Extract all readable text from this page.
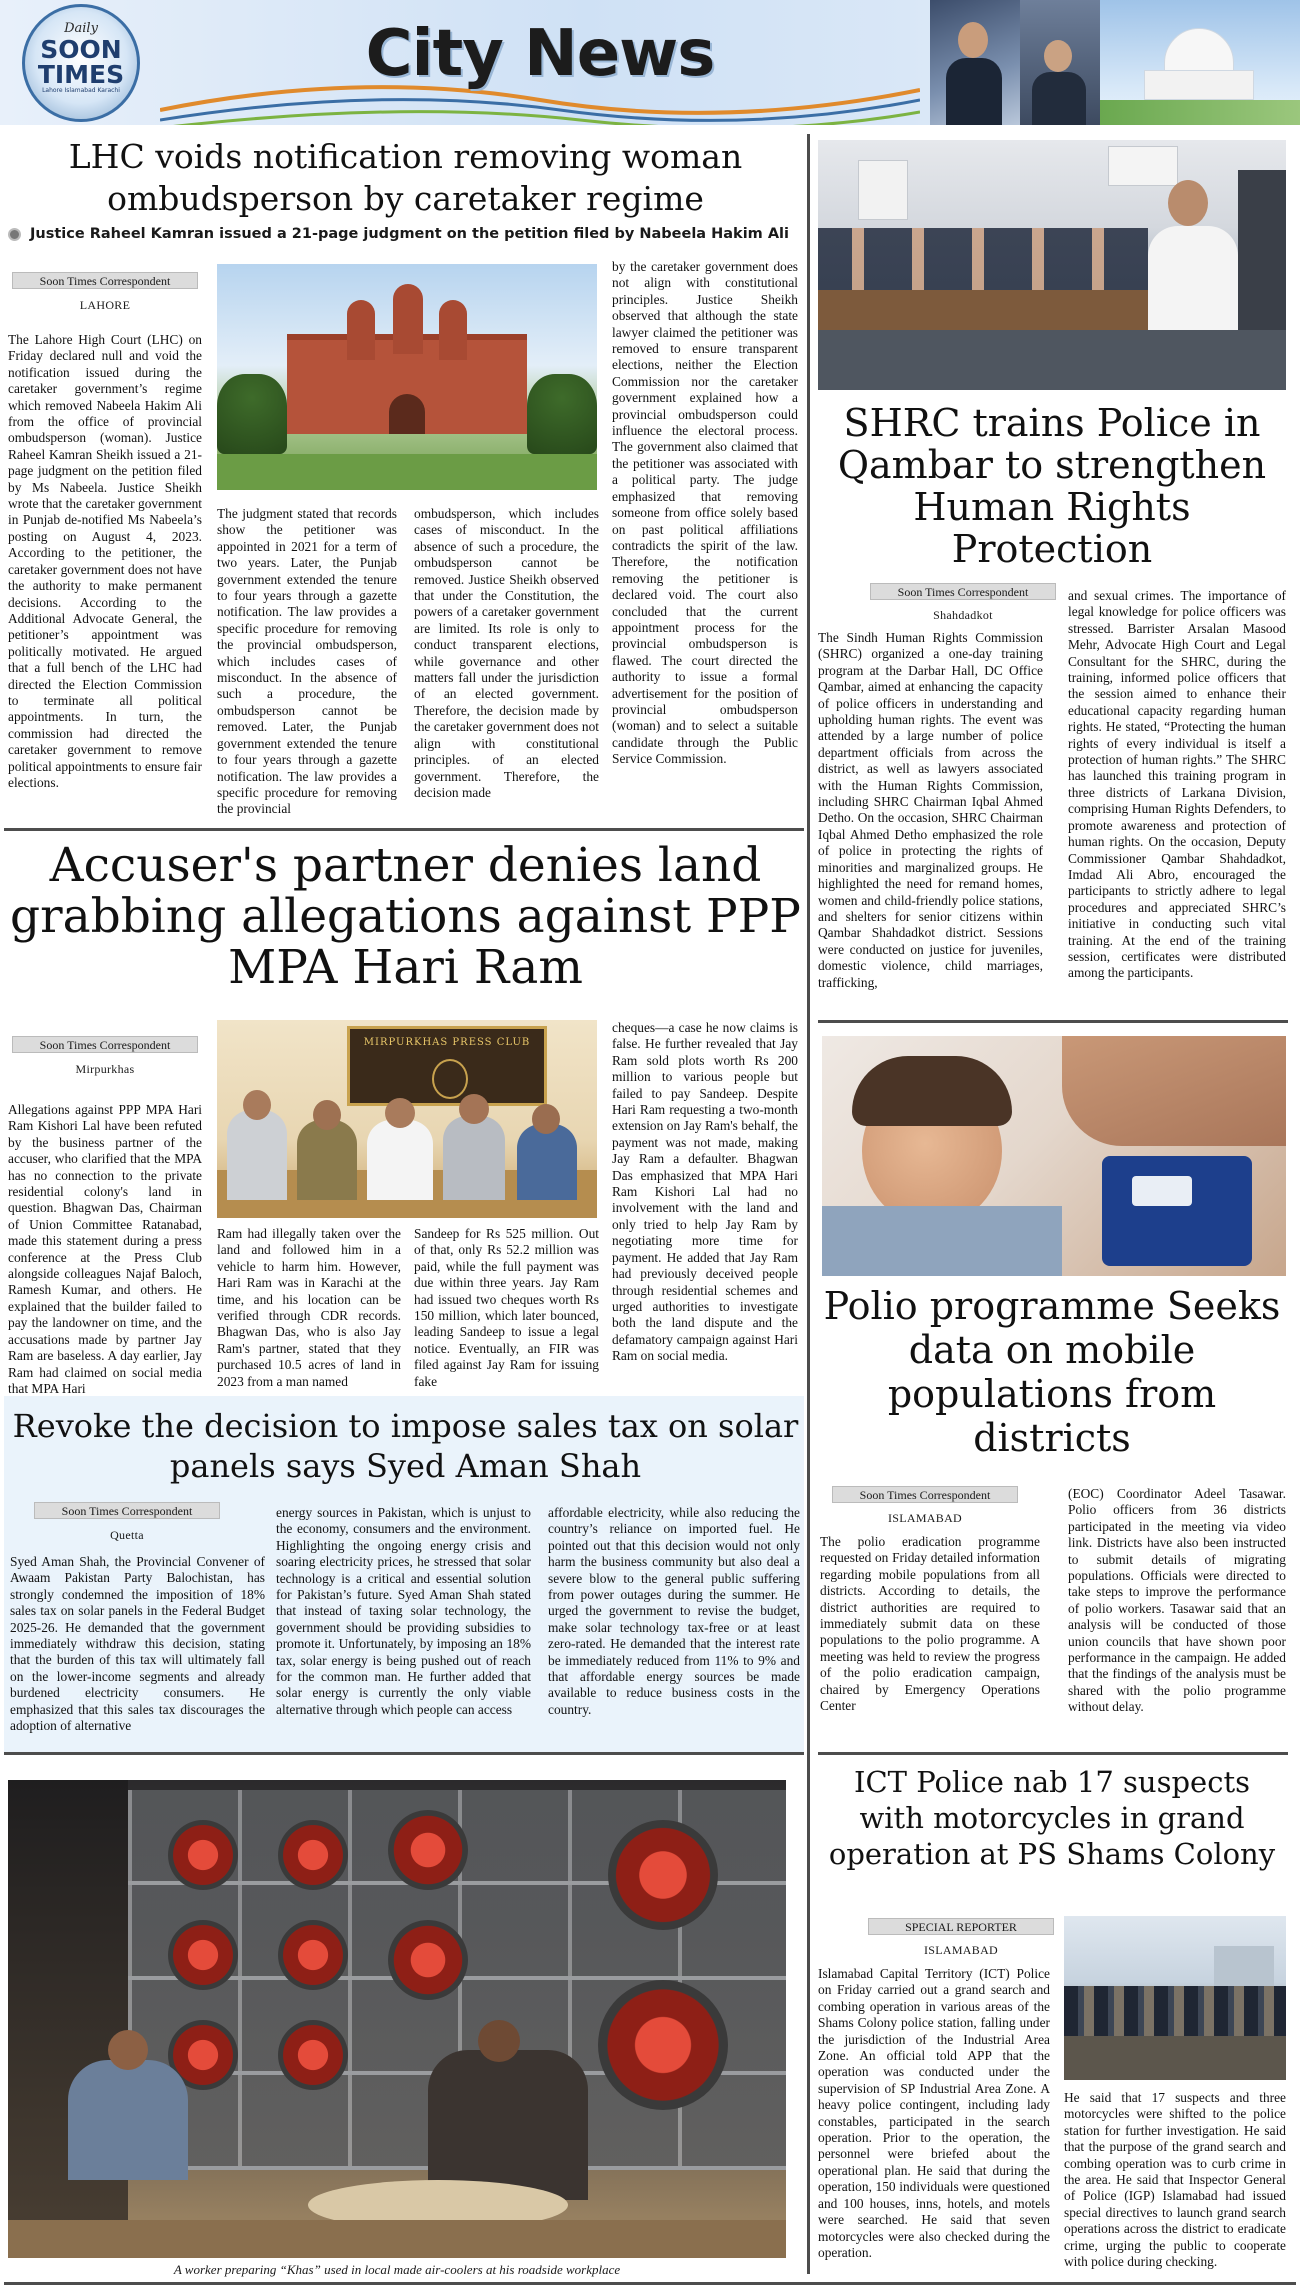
Daily
SOON
TIMES
Lahore Islamabad Karachi	City News
LHC voids notification removing woman ombudsperson by caretaker regime
Justice Raheel Kamran issued a 21-page judgment on the petition filed by Nabeela Hakim Ali
Soon Times Correspondent
LAHORE
The Lahore High Court (LHC) on Friday declared null and void the notification issued during the caretaker government’s regime which removed Nabeela Hakim Ali from the office of provincial ombudsperson (woman). Justice Raheel Kamran Sheikh issued a 21-page judgment on the petition filed by Ms Nabeela. Justice Sheikh wrote that the caretaker government in Punjab de-notified Ms Nabeela’s posting on August 4, 2023. According to the petitioner, the caretaker government does not have the authority to make permanent decisions. According to the Additional Advocate General, the petitioner’s appointment was politically motivated. He argued that a full bench of the LHC had directed the Election Commission to terminate all political appointments. In turn, the commission had directed the caretaker government to remove political appointments to ensure fair elections.
The judgment stated that records show the petitioner was appointed in 2021 for a term of two years. Later, the Punjab government extended the tenure to four years through a gazette notification. The law provides a specific procedure for removing the provincial ombudsperson, which includes cases of misconduct. In the absence of such a procedure, the ombudsperson cannot be removed. Later, the Punjab government extended the tenure to four years through a gazette notification. The law provides a specific procedure for removing the provincial
ombudsperson, which includes cases of misconduct. In the absence of such a procedure, the ombudsperson cannot be removed. Justice Sheikh observed that under the Constitution, the powers of a caretaker government are limited. Its role is only to conduct transparent elections, while governance and other matters fall under the jurisdiction of an elected government. Therefore, the decision made by the caretaker government does not align with constitutional principles. of an elected government. Therefore, the decision made
by the caretaker government does not align with constitutional principles. Justice Sheikh observed that although the state lawyer claimed the petitioner was removed to ensure transparent elections, neither the Election Commission nor the caretaker government explained how a provincial ombudsperson could influence the electoral process. The government also claimed that the petitioner was associated with a political party. The judge emphasized that removing someone from office solely based on past political affiliations contradicts the spirit of the law. Therefore, the notification removing the petitioner is declared void. The court also concluded that the current appointment process for the provincial ombudsperson is flawed. The court directed the authority to issue a formal advertisement for the position of provincial ombudsperson (woman) and to select a suitable candidate through the Public Service Commission.
SHRC trains Police in Qambar to strengthen Human Rights Protection
Soon Times Correspondent
Shahdadkot
The Sindh Human Rights Commission (SHRC) organized a one-day training program at the Darbar Hall, DC Office Qambar, aimed at enhancing the capacity of police officers in understanding and upholding human rights. The event was attended by a large number of police department officials from across the district, as well as lawyers associated with the Human Rights Commission, including SHRC Chairman Iqbal Ahmed Detho. On the occasion, SHRC Chairman Iqbal Ahmed Detho emphasized the role of police in protecting the rights of minorities and marginalized groups. He highlighted the need for remand homes, women and child-friendly police stations, and shelters for senior citizens within Qambar Shahdadkot district. Sessions were conducted on justice for juveniles, domestic violence, child marriages, trafficking,
and sexual crimes. The importance of legal knowledge for police officers was stressed. Barrister Arsalan Masood Mehr, Advocate High Court and Legal Consultant for the SHRC, during the training, informed police officers that the session aimed to enhance their educational capacity regarding human rights. He stated, “Protecting the human rights of every individual is itself a protection of human rights.” The SHRC has launched this training program in three districts of Larkana Division, comprising Human Rights Defenders, to promote awareness and protection of human rights. On the occasion, Deputy Commissioner Qambar Shahdadkot, Imdad Ali Abro, encouraged the participants to strictly adhere to legal procedures and appreciated SHRC’s initiative in conducting such vital training. At the end of the training session, certificates were distributed among the participants.
Accuser's partner denies land grabbing allegations against PPP MPA Hari Ram
Soon Times Correspondent
Mirpurkhas
Allegations against PPP MPA Hari Ram Kishori Lal have been refuted by the business partner of the accuser, who clarified that the MPA has no connection to the private residential colony's land in question. Bhagwan Das, Chairman of Union Committee Ratanabad, made this statement during a press conference at the Press Club alongside colleagues Najaf Baloch, Ramesh Kumar, and others. He explained that the builder failed to pay the landowner on time, and the accusations made by partner Jay Ram are baseless. A day earlier, Jay Ram had claimed on social media that MPA Hari
MIRPURKHAS PRESS CLUB
Ram had illegally taken over the land and followed him in a vehicle to harm him. However, Hari Ram was in Karachi at the time, and his location can be verified through CDR records. Bhagwan Das, who is also Jay Ram's partner, stated that they purchased 10.5 acres of land in 2023 from a man named
Sandeep for Rs 525 million. Out of that, only Rs 52.2 million was paid, while the full payment was due within three years. Jay Ram had issued two cheques worth Rs 150 million, which later bounced, leading Sandeep to issue a legal notice. Eventually, an FIR was filed against Jay Ram for issuing fake
cheques—a case he now claims is false. He further revealed that Jay Ram sold plots worth Rs 200 million to various people but failed to pay Sandeep. Despite Hari Ram requesting a two-month extension on Jay Ram's behalf, the payment was not made, making Jay Ram a defaulter. Bhagwan Das emphasized that MPA Hari Ram Kishori Lal had no involvement with the land and only tried to help Jay Ram by negotiating more time for payment. He added that Jay Ram had previously deceived people through residential schemes and urged authorities to investigate both the land dispute and the defamatory campaign against Hari Ram on social media.
Polio programme Seeks data on mobile populations from districts
Soon Times Correspondent
ISLAMABAD
The polio eradication programme requested on Friday detailed information regarding mobile populations from all districts. According to details, the district authorities are required to immediately submit data on these populations to the polio programme. A meeting was held to review the progress of the polio eradication campaign, chaired by Emergency Operations Center
(EOC) Coordinator Adeel Tasawar. Polio officers from 36 districts participated in the meeting via video link. Districts have also been instructed to submit details of migrating populations. Officials were directed to take steps to improve the performance of polio workers. Tasawar said that an analysis will be conducted of those union councils that have shown poor performance in the campaign. He added that the findings of the analysis must be shared with the polio programme without delay.
Revoke the decision to impose sales tax on solar panels says Syed Aman Shah
Soon Times Correspondent
Quetta
Syed Aman Shah, the Provincial Convener of Awaam Pakistan Party Balochistan, has strongly condemned the imposition of 18% sales tax on solar panels in the Federal Budget 2025-26. He demanded that the government immediately withdraw this decision, stating that the burden of this tax will ultimately fall on the lower-income segments and already burdened electricity consumers. He emphasized that this sales tax discourages the adoption of alternative
energy sources in Pakistan, which is unjust to the economy, consumers and the environment. Highlighting the ongoing energy crisis and soaring electricity prices, he stressed that solar technology is a critical and essential solution for Pakistan’s future. Syed Aman Shah stated that instead of taxing solar technology, the government should be providing subsidies to promote it. Unfortunately, by imposing an 18% tax, solar energy is being pushed out of reach for the common man. He further added that solar energy is currently the only viable alternative through which people can access
affordable electricity, while also reducing the country’s reliance on imported fuel. He pointed out that this decision would not only harm the business community but also deal a severe blow to the general public suffering from power outages during the summer. He urged the government to revise the budget, make solar technology tax-free or at least zero-rated. He demanded that the interest rate be immediately reduced from 11% to 9% and that affordable energy sources be made available to reduce business costs in the country.
A worker preparing “Khas” used in local made air-coolers at his roadside workplace
ICT Police nab 17 suspects with motorcycles in grand operation at PS Shams Colony
SPECIAL REPORTER
ISLAMABAD
Islamabad Capital Territory (ICT) Police on Friday carried out a grand search and combing operation in various areas of the Shams Colony police station, falling under the jurisdiction of the Industrial Area Zone. An official told APP that the operation was conducted under the supervision of SP Industrial Area Zone. A heavy police contingent, including lady constables, participated in the search operation. Prior to the operation, the personnel were briefed about the operational plan. He said that during the operation, 150 individuals were questioned and 100 houses, inns, hotels, and motels were searched. He said that seven motorcycles were also checked during the operation.
He said that 17 suspects and three motorcycles were shifted to the police station for further investigation. He said that the purpose of the grand search and combing operation was to curb crime in the area. He said that Inspector General of Police (IGP) Islamabad had issued special directives to launch grand search operations across the district to eradicate crime, urging the public to cooperate with police during checking.
